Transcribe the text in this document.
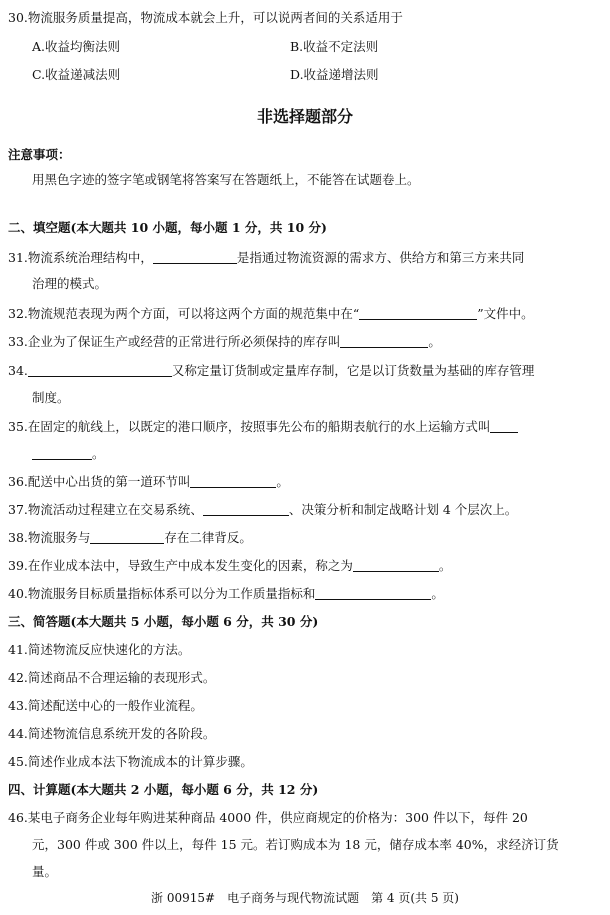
30.物流服务质量提高，物流成本就会上升，可以说两者间的关系适用于
A.收益均衡法则	B.收益不定法则
C.收益递减法则	D.收益递增法则
非选择题部分
注意事项：
用黑色字迹的签字笔或钢笔将答案写在答题纸上，不能答在试题卷上。
二、填空题(本大题共 10 小题，每小题 1 分，共 10 分)
31.物流系统治理结构中，	是指通过物流资源的需求方、供给方和第三方来共同
治理的模式。
32.物流规范表现为两个方面，可以将这两个方面的规范集中在“	”文件中。
33.企业为了保证生产或经营的正常进行所必须保持的库存叫	。
34.	又称定量订货制或定量库存制，它是以订货数量为基础的库存管理
制度。
35.在固定的航线上，以既定的港口顺序，按照事先公布的船期表航行的水上运输方式叫
。
36.配送中心出货的第一道环节叫	。
37.物流活动过程建立在交易系统、	、决策分析和制定战略计划 4 个层次上。
38.物流服务与	存在二律背反。
39.在作业成本法中，导致生产中成本发生变化的因素，称之为	。
40.物流服务目标质量指标体系可以分为工作质量指标和	。
三、简答题(本大题共 5 小题，每小题 6 分，共 30 分)
41.简述物流反应快速化的方法。
42.简述商品不合理运输的表现形式。
43.简述配送中心的一般作业流程。
44.简述物流信息系统开发的各阶段。
45.简述作业成本法下物流成本的计算步骤。
四、计算题(本大题共 2 小题，每小题 6 分，共 12 分)
46.某电子商务企业每年购进某种商品 4000 件，供应商规定的价格为：300 件以下，每件 20
元，300 件或 300 件以上，每件 15 元。若订购成本为 18 元，储存成本率 40%，求经济订货
量。
浙 00915#　电子商务与现代物流试题　第 4 页(共 5 页)
